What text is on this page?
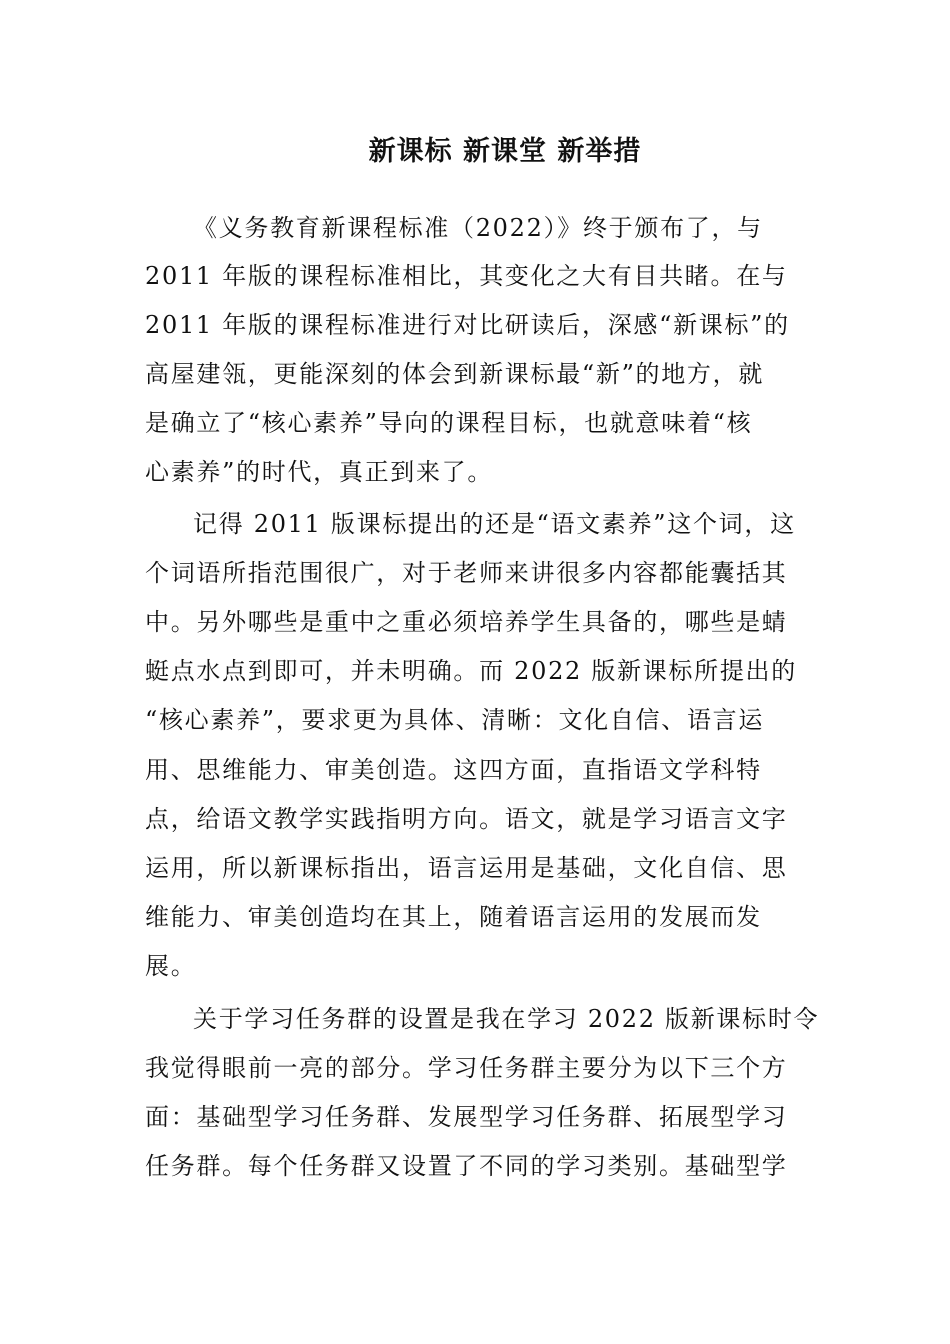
新课标 新课堂 新举措
《义务教育新课程标准（2022）》终于颁布了，与
2011 年版的课程标准相比，其变化之大有目共睹。在与
2011 年版的课程标准进行对比研读后，深感“新课标”的
高屋建瓴，更能深刻的体会到新课标最“新”的地方，就
是确立了“核心素养”导向的课程目标，也就意味着“核
心素养”的时代，真正到来了。
记得 2011 版课标提出的还是“语文素养”这个词，这
个词语所指范围很广，对于老师来讲很多内容都能囊括其
中。另外哪些是重中之重必须培养学生具备的，哪些是蜻
蜓点水点到即可，并未明确。而 2022 版新课标所提出的
“核心素养”，要求更为具体、清晰：文化自信、语言运
用、思维能力、审美创造。这四方面，直指语文学科特
点，给语文教学实践指明方向。语文，就是学习语言文字
运用，所以新课标指出，语言运用是基础，文化自信、思
维能力、审美创造均在其上，随着语言运用的发展而发
展。
关于学习任务群的设置是我在学习 2022 版新课标时令
我觉得眼前一亮的部分。学习任务群主要分为以下三个方
面：基础型学习任务群、发展型学习任务群、拓展型学习
任务群。每个任务群又设置了不同的学习类别。基础型学
